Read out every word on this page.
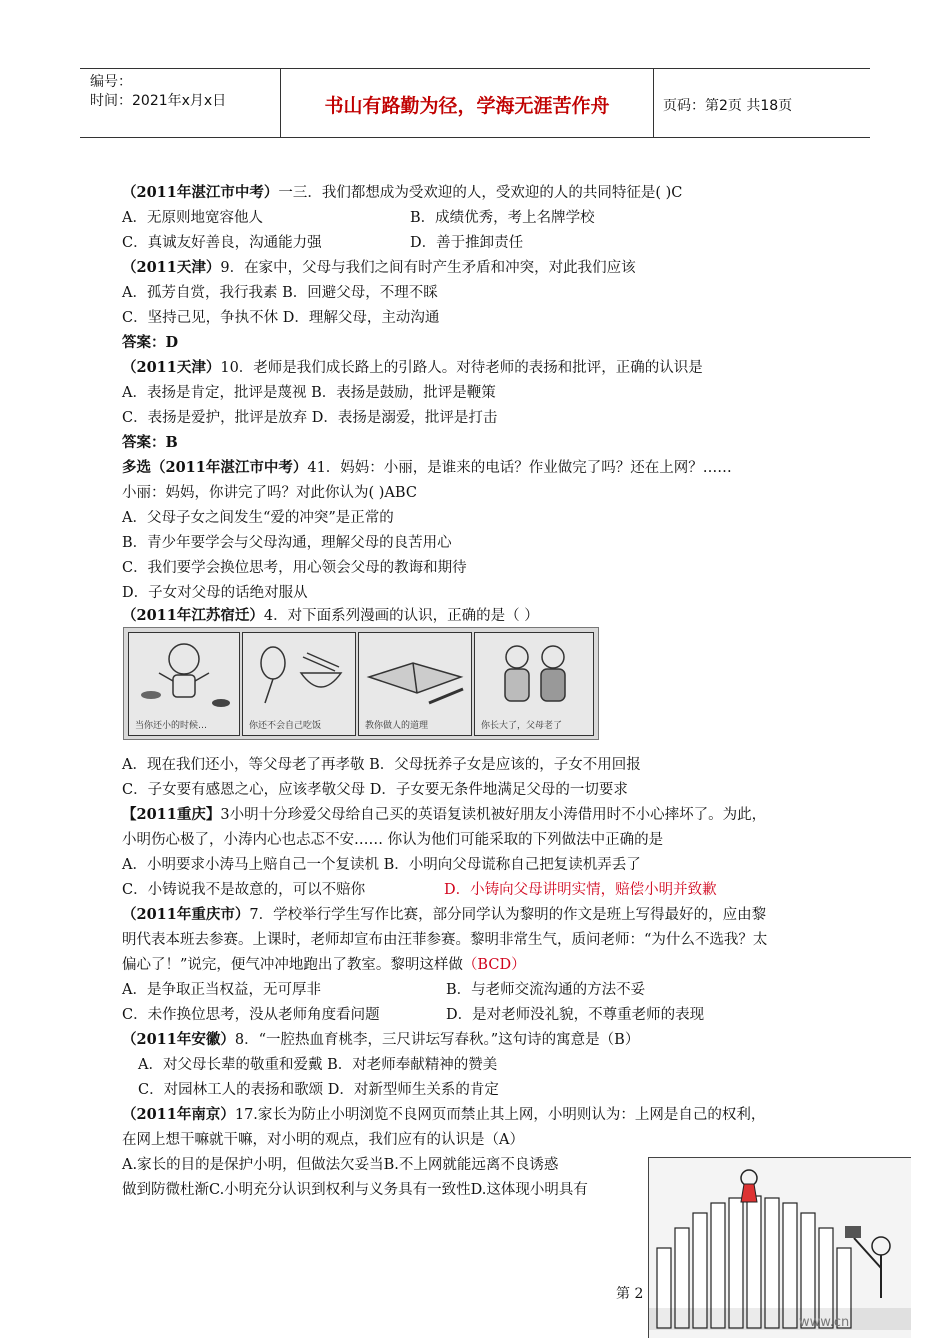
编号：
时间：2021年x月x日	书山有路勤为径，学海无涯苦作舟	页码：第2页 共18页
（2011年湛江市中考）一三．我们都想成为受欢迎的人，受欢迎的人的共同特征是( )C
A．无原则地宽容他人	B．成绩优秀，考上名牌学校
C．真诚友好善良，沟通能力强	D．善于推卸责任
（2011天津）9．在家中，父母与我们之间有时产生矛盾和冲突，对此我们应该
A．孤芳自赏，我行我素 B．回避父母，不理不睬
C．坚持己见，争执不休 D．理解父母，主动沟通
答案：D
（2011天津）10．老师是我们成长路上的引路人。对待老师的表扬和批评，正确的认识是
A．表扬是肯定，批评是蔑视 B．表扬是鼓励，批评是鞭策
C．表扬是爱护，批评是放弃 D．表扬是溺爱，批评是打击
答案：B
多选（2011年湛江市中考）41．妈妈：小丽，是谁来的电话？作业做完了吗？还在上网？……
小丽：妈妈，你讲完了吗？对此你认为( )ABC
A．父母子女之间发生“爱的冲突”是正常的
B．青少年要学会与父母沟通，理解父母的良苦用心
C．我们要学会换位思考，用心领会父母的教诲和期待
D．子女对父母的话绝对服从
（2011年江苏宿迁）4．对下面系列漫画的认识，正确的是（ ）
A．现在我们还小，等父母老了再孝敬 B．父母抚养子女是应该的，子女不用回报
C．子女要有感恩之心，应该孝敬父母 D．子女要无条件地满足父母的一切要求
【2011重庆】3小明十分珍爱父母给自己买的英语复读机被好朋友小涛借用时不小心摔坏了。为此，
小明伤心极了，小涛内心也忐忑不安…… 你认为他们可能采取的下列做法中正确的是
A．小明要求小涛马上赔自己一个复读机 B．小明向父母谎称自己把复读机弄丢了
C．小铸说我不是故意的，可以不赔你	D．小铸向父母讲明实情，赔偿小明并致歉
（2011年重庆市）7．学校举行学生写作比赛，部分同学认为黎明的作文是班上写得最好的，应由黎
明代表本班去参赛。上课时，老师却宣布由汪菲参赛。黎明非常生气，质问老师：“为什么不选我？太
偏心了！”说完，便气冲冲地跑出了教室。黎明这样做（BCD）
A．是争取正当权益，无可厚非	B．与老师交流沟通的方法不妥
C．未作换位思考，没从老师角度看问题	D．是对老师没礼貌，不尊重老师的表现
（2011年安徽）8．“一腔热血育桃李，三尺讲坛写春秋。”这句诗的寓意是（B）
A．对父母长辈的敬重和爱戴 B．对老师奉献精神的赞美
C．对园林工人的表扬和歌颂 D．对新型师生关系的肯定
（2011年南京）17.家长为防止小明浏览不良网页而禁止其上网，小明则认为：上网是自己的权利，
在网上想干嘛就干嘛，对小明的观点，我们应有的认识是（A）
A.家长的目的是保护小明，但做法欠妥当B.不上网就能远离不良诱惑
做到防微杜渐C.小明充分认识到权利与义务具有一致性D.这体现小明具有
当你还小的时候…	你还不会自己吃饭	教你做人的道理	你长大了，父母老了
www.cn
第 2
